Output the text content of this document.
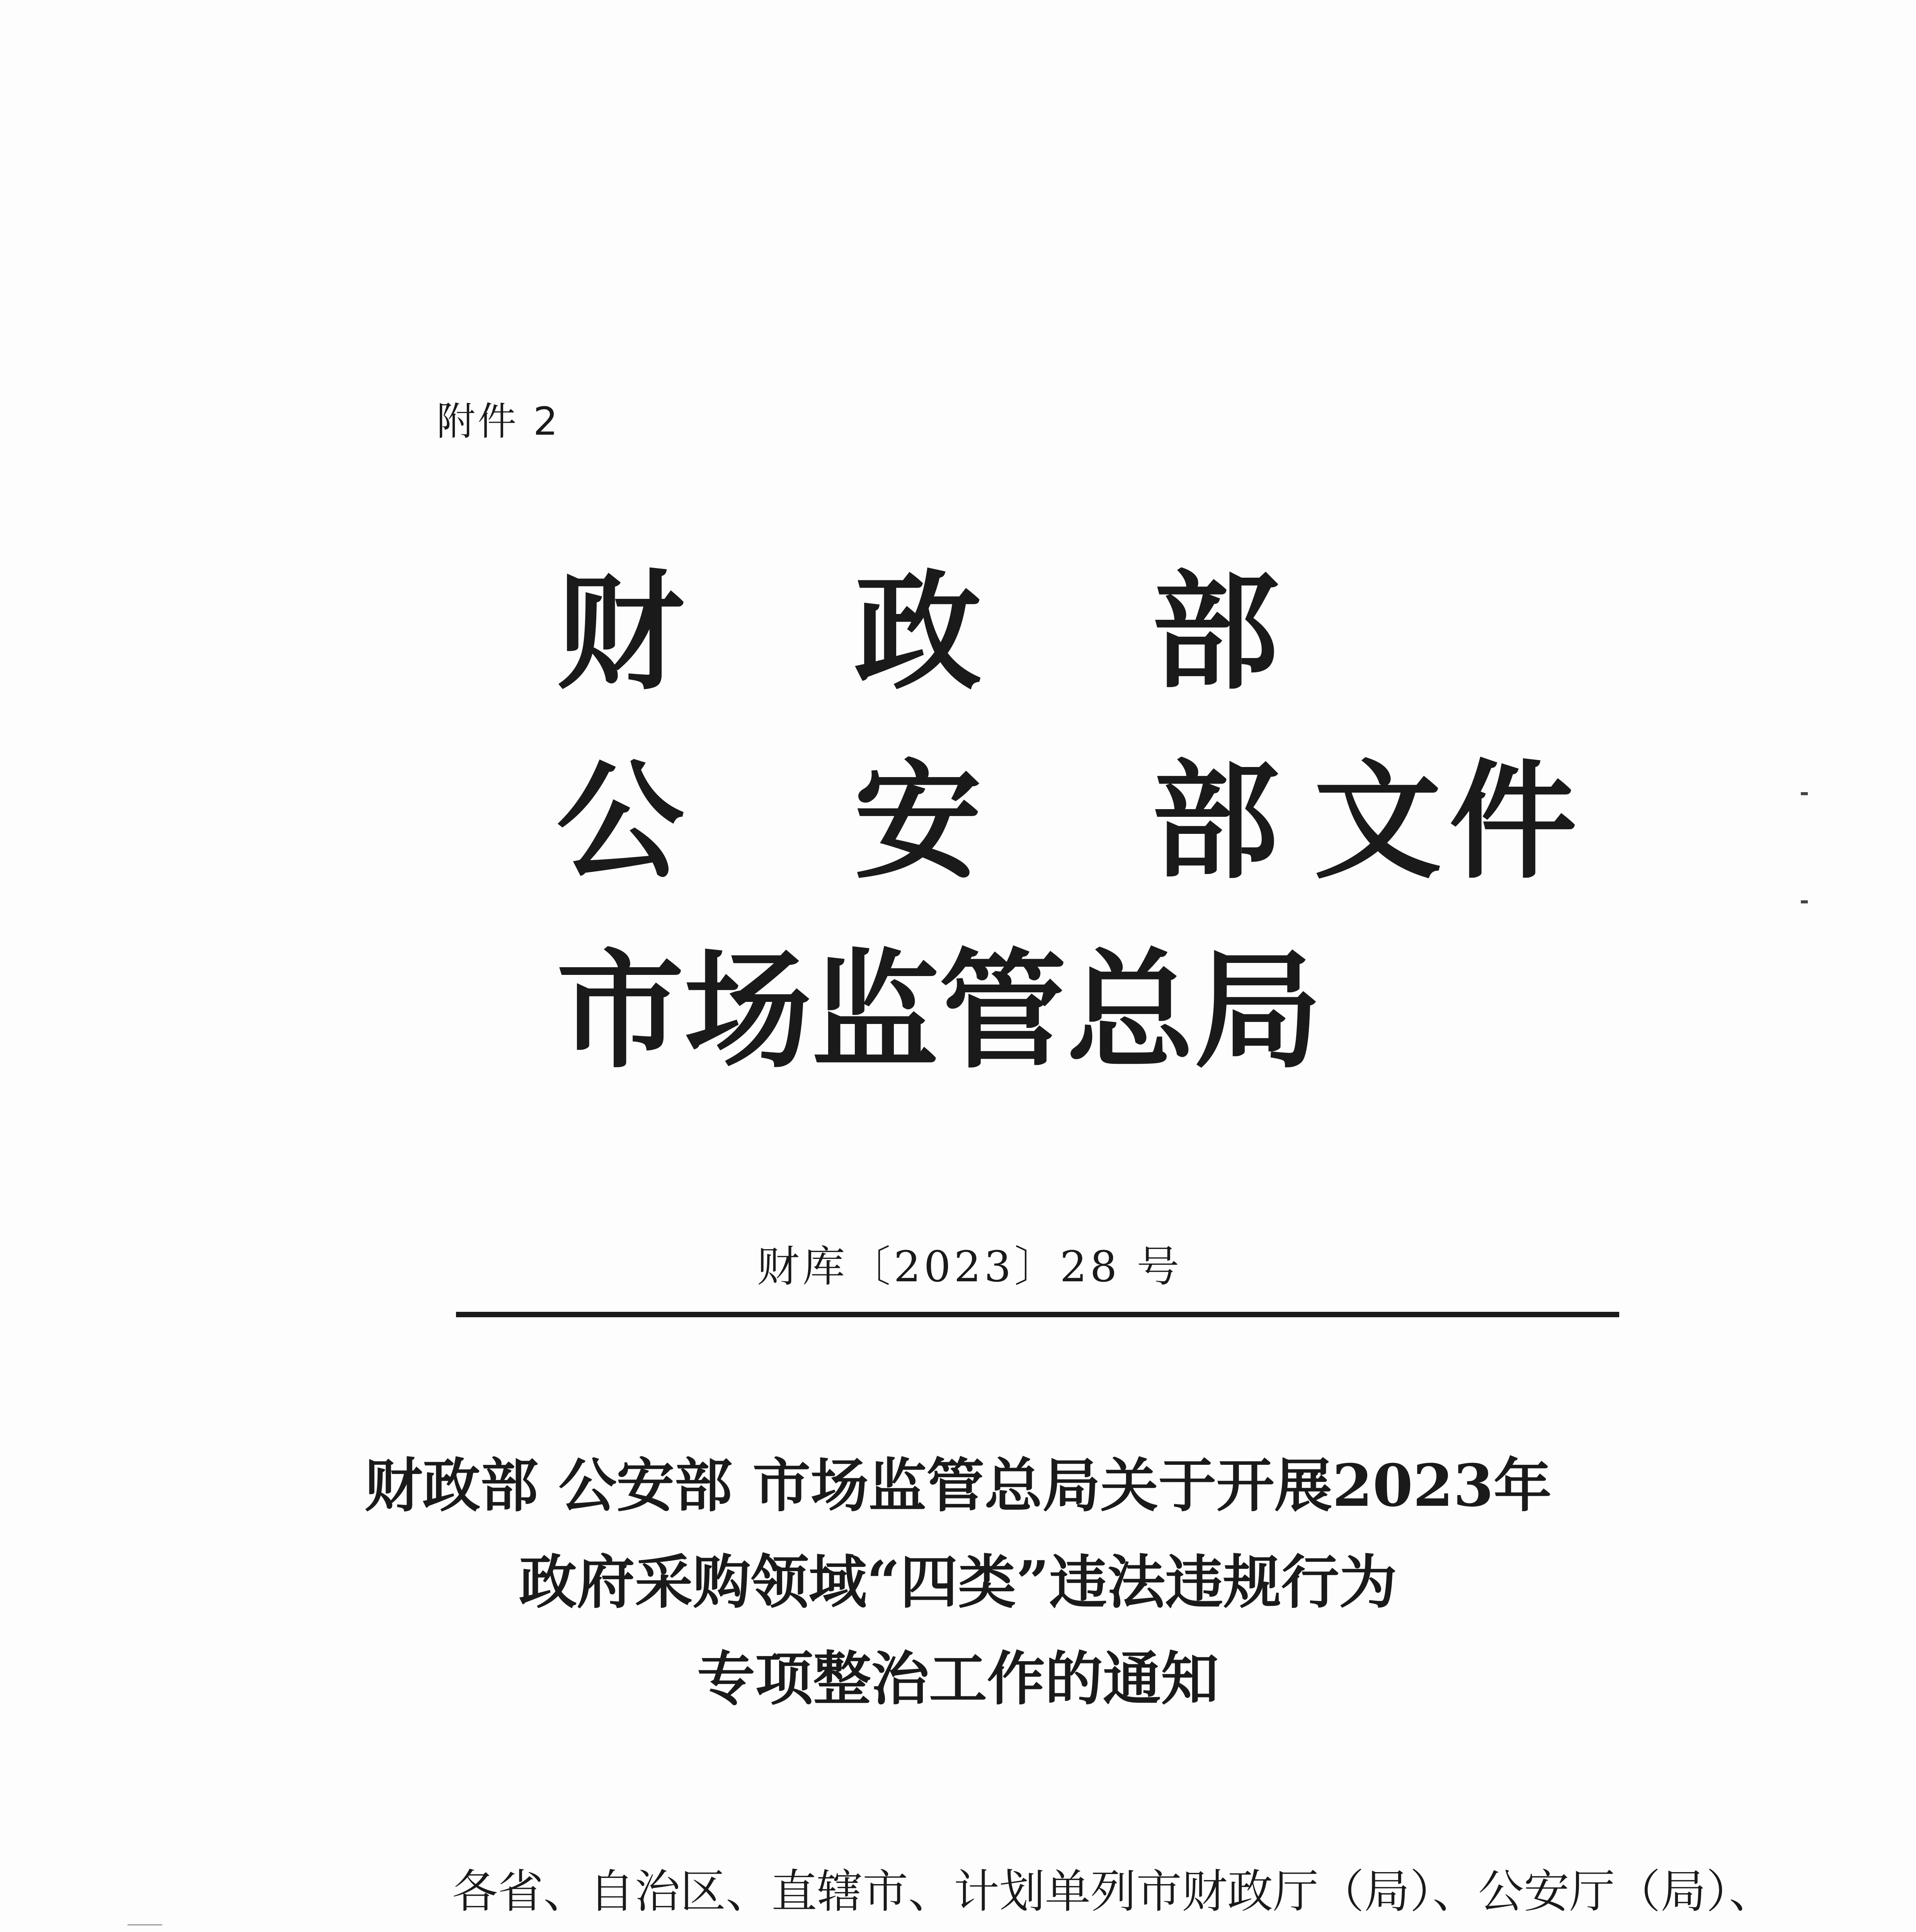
附件 2
财	政	部
公	安	部 文件
市场监管总局
财库〔2023〕28 号
财政部 公安部 市场监管总局关于开展2023年
政府采购领域“四类”违法违规行为
专项整治工作的通知
各省、自治区、直辖市、计划单列市财政厅（局）、公安厅（局）、
